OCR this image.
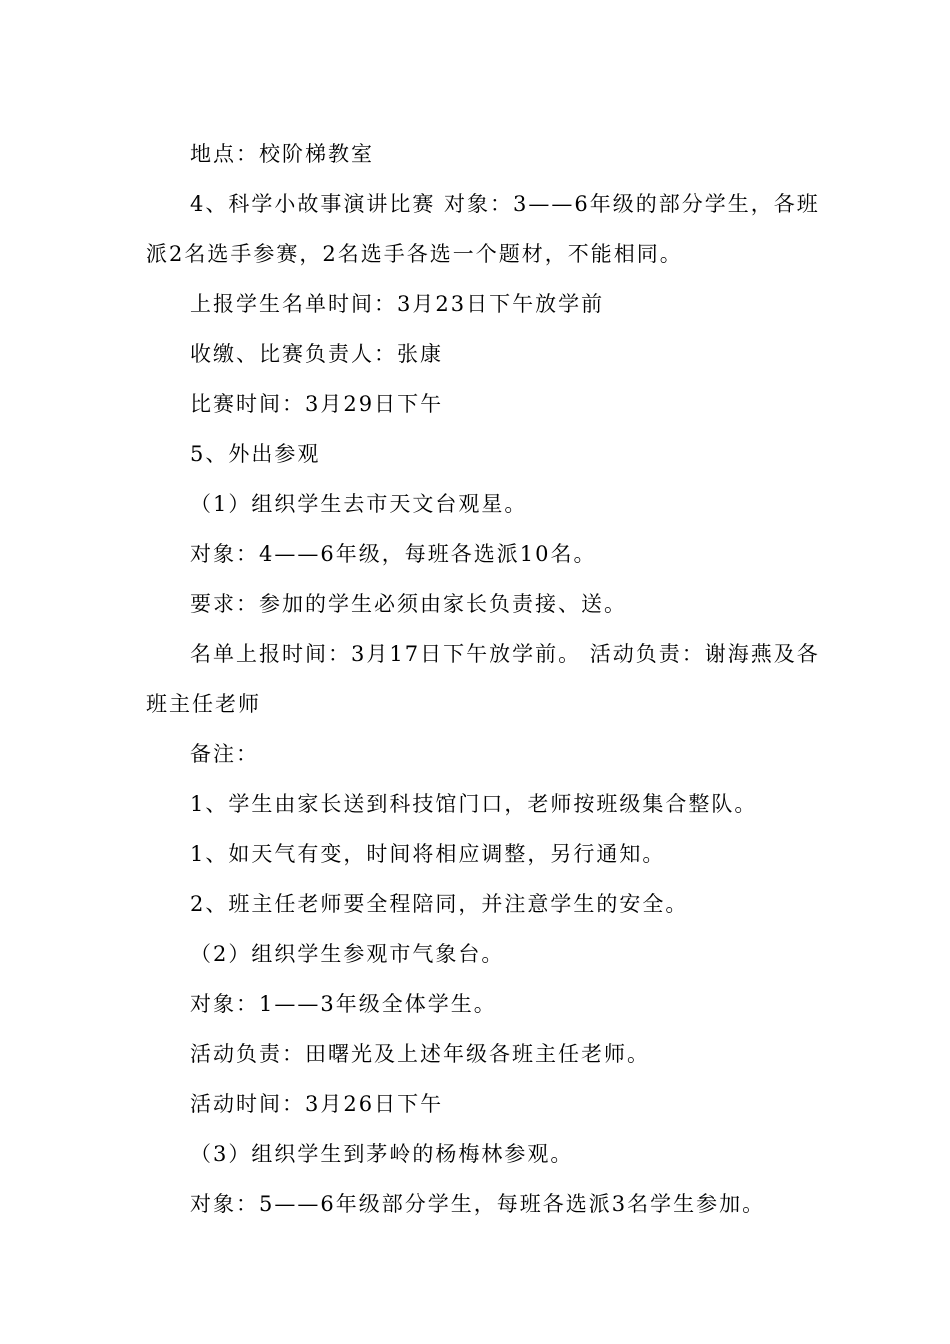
地点：校阶梯教室
4、科学小故事演讲比赛 对象：3——6年级的部分学生，各班
派2名选手参赛，2名选手各选一个题材，不能相同。
上报学生名单时间：3月23日下午放学前
收缴、比赛负责人：张康
比赛时间：3月29日下午
5、外出参观
（1）组织学生去市天文台观星。
对象：4——6年级，每班各选派10名。
要求：参加的学生必须由家长负责接、送。
名单上报时间：3月17日下午放学前。 活动负责：谢海燕及各
班主任老师
备注：
1、学生由家长送到科技馆门口，老师按班级集合整队。
1、如天气有变，时间将相应调整，另行通知。
2、班主任老师要全程陪同，并注意学生的安全。
（2）组织学生参观市气象台。
对象：1——3年级全体学生。
活动负责：田曙光及上述年级各班主任老师。
活动时间：3月26日下午
（3）组织学生到茅岭的杨梅林参观。
对象：5——6年级部分学生，每班各选派3名学生参加。
